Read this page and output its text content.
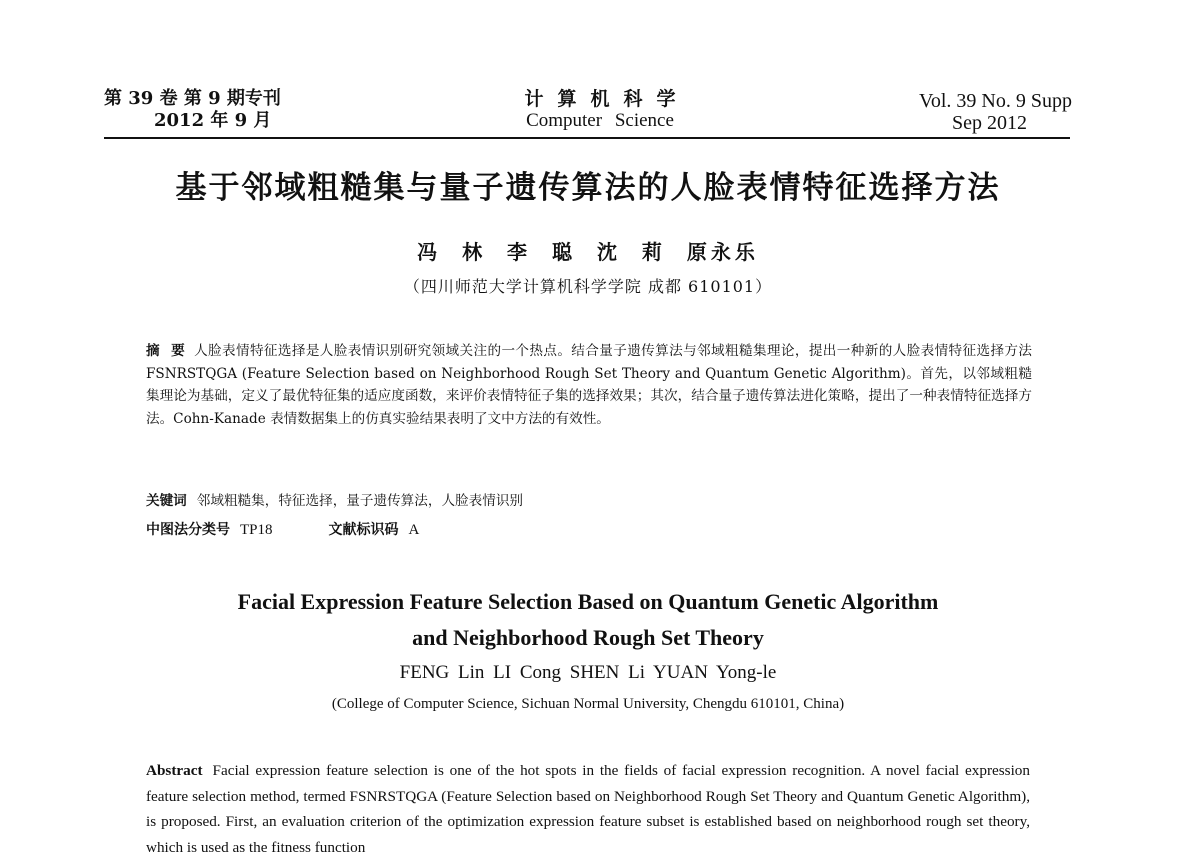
第 39 卷 第 9 期专刊
2012 年 9 月
计算机科学
Computer Science
Vol. 39 No. 9 Supp
Sep 2012
基于邻域粗糙集与量子遗传算法的人脸表情特征选择方法
冯 林 李 聪 沈 莉 原永乐
（四川师范大学计算机科学学院 成都 610101）
摘 要 人脸表情特征选择是人脸表情识别研究领域关注的一个热点。结合量子遗传算法与邻域粗糙集理论，提出一种新的人脸表情特征选择方法 FSNRSTQGA (Feature Selection based on Neighborhood Rough Set Theory and Quantum Genetic Algorithm)。首先，以邻域粗糙集理论为基础，定义了最优特征集的适应度函数，来评价表情特征子集的选择效果；其次，结合量子遗传算法进化策略，提出了一种表情特征选择方法。Cohn-Kanade 表情数据集上的仿真实验结果表明了文中方法的有效性。
关键词 邻域粗糙集，特征选择，量子遗传算法，人脸表情识别
中图法分类号 TP18	文献标识码 A
Facial Expression Feature Selection Based on Quantum Genetic Algorithm
and Neighborhood Rough Set Theory
FENG Lin LI Cong SHEN Li YUAN Yong-le
(College of Computer Science, Sichuan Normal University, Chengdu 610101, China)
Abstract Facial expression feature selection is one of the hot spots in the fields of facial expression recognition. A novel facial expression feature selection method, termed FSNRSTQGA (Feature Selection based on Neighborhood Rough Set Theory and Quantum Genetic Algorithm), is proposed. First, an evaluation criterion of the optimization expression feature subset is established based on neighborhood rough set theory, which is used as the fitness function
